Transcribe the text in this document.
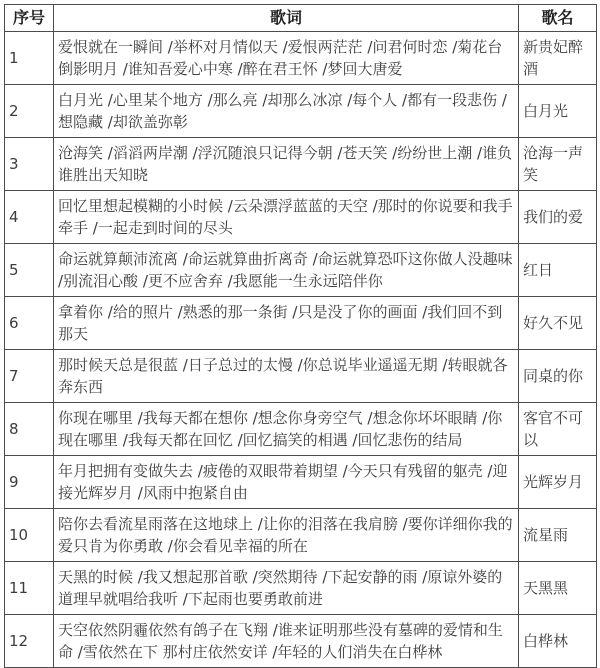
序号	歌词	歌名
1	爱恨就在一瞬间 /举杯对月情似天 /爱恨两茫茫 /问君何时恋 /菊花台倒影明月 /谁知吾爱心中寒 /醉在君王怀 /梦回大唐爱	新贵妃醉酒
2	白月光 /心里某个地方 /那么亮 /却那么冰凉 /每个人 /都有一段悲伤 /想隐藏 /却欲盖弥彰	白月光
3	沧海笑 /滔滔两岸潮 /浮沉随浪只记得今朝 /苍天笑 /纷纷世上潮 /谁负谁胜出天知晓	沧海一声笑
4	回忆里想起模糊的小时候 /云朵漂浮蓝蓝的天空 /那时的你说要和我手牵手 /一起走到时间的尽头	我们的爱
5	命运就算颠沛流离 /命运就算曲折离奇 /命运就算恐吓这你做人没趣味 /别流泪心酸 /更不应舍弃 /我愿能一生永远陪伴你	红日
6	拿着你 /给的照片 /熟悉的那一条街 /只是没了你的画面 /我们回不到那天	好久不见
7	那时候天总是很蓝 /日子总过的太慢 /你总说毕业遥遥无期 /转眼就各奔东西	同桌的你
8	你现在哪里 /我每天都在想你 /想念你身旁空气 /想念你坏坏眼睛 /你现在哪里 /我每天都在回忆 /回忆搞笑的相遇 /回忆悲伤的结局	客官不可以
9	年月把拥有变做失去 /疲倦的双眼带着期望 /今天只有残留的躯壳 /迎接光辉岁月 /风雨中抱紧自由	光辉岁月
10	陪你去看流星雨落在这地球上 /让你的泪落在我肩膀 /要你详细你我的爱只肯为你勇敢 /你会看见幸福的所在	流星雨
11	天黑的时候 /我又想起那首歌 /突然期待 /下起安静的雨 /原谅外婆的道理早就唱给我听 /下起雨也要勇敢前进	天黑黑
12	天空依然阴霾依然有鸽子在飞翔 /谁来证明那些没有墓碑的爱情和生命 /雪依然在下 那村庄依然安详 /年轻的人们消失在白桦林	白桦林
